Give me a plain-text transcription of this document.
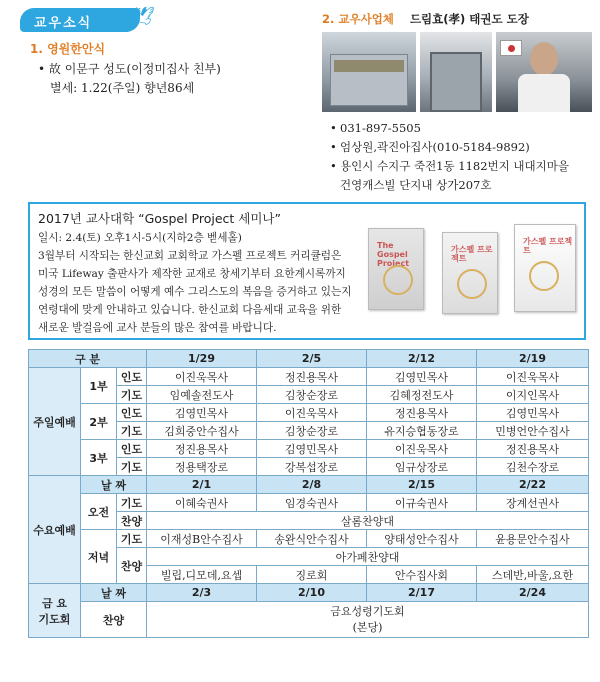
교우소식 🕊
1. 영원한안식
• 故 이문구 성도(이정미집사 친부)
별세: 1.22(주일) 향년86세
2. 교우사업체 드림효(孝) 태권도 도장
• 031-897-5505
• 엄상원,곽진아집사(010-5184-9892)
• 용인시 수지구 죽전1동 1182번지 내대지마을
건영캐스빌 단지내 상가207호
2017년 교사대학 “Gospel Project 세미나”
일시: 2.4(토) 오후1시-5시(지하2층 벧세홀)
3월부터 시작되는 한신교회 교회학교 가스펠 프로젝트 커리큘럼은
미국 Lifeway 출판사가 제작한 교재로 창세기부터 요한계시록까지
성경의 모든 말씀이 어떻게 예수 그리스도의 복음을 증거하고 있는지
연령대에 맞게 안내하고 있습니다. 한신교회 다음세대 교육을 위한
새로운 발걸음에 교사 분들의 많은 참여를 바랍니다.
The Gospel Project
가스펠 프로젝트
가스펠 프로젝트
구 분			1/29	2/5	2/12	2/19
주일예배	1부	인도	이진욱목사	정진용목사	김영민목사	이진욱목사
		기도	임예솔전도사	김창순장로	김혜정전도사	이지인목사
	2부	인도	김영민목사	이진욱목사	정진용목사	김영민목사
		기도	김희중안수집사	김창순장로	유지승협동장로	민병언안수집사
	3부	인도	정진용목사	김영민목사	이진욱목사	정진용목사
		기도	정용택장로	강복섭장로	임규상장로	김천수장로
수요예배	날 짜		2/1	2/8	2/15	2/22
	오전	기도	이혜숙권사	임경숙권사	이규숙권사	장계선권사
		찬양	살롬찬양대			
	저녁	기도	이재성B안수집사	송완식안수집사	양태성안수집사	윤용문안수집사
		찬양	아가페찬양대			
			빌립,디모데,요셉	징로회	안수집사회	스데반,바울,요한

금 요
기도회	날 짜		2/3	2/10	2/17	2/24
	찬양		금요성령기도회
(본당)			
